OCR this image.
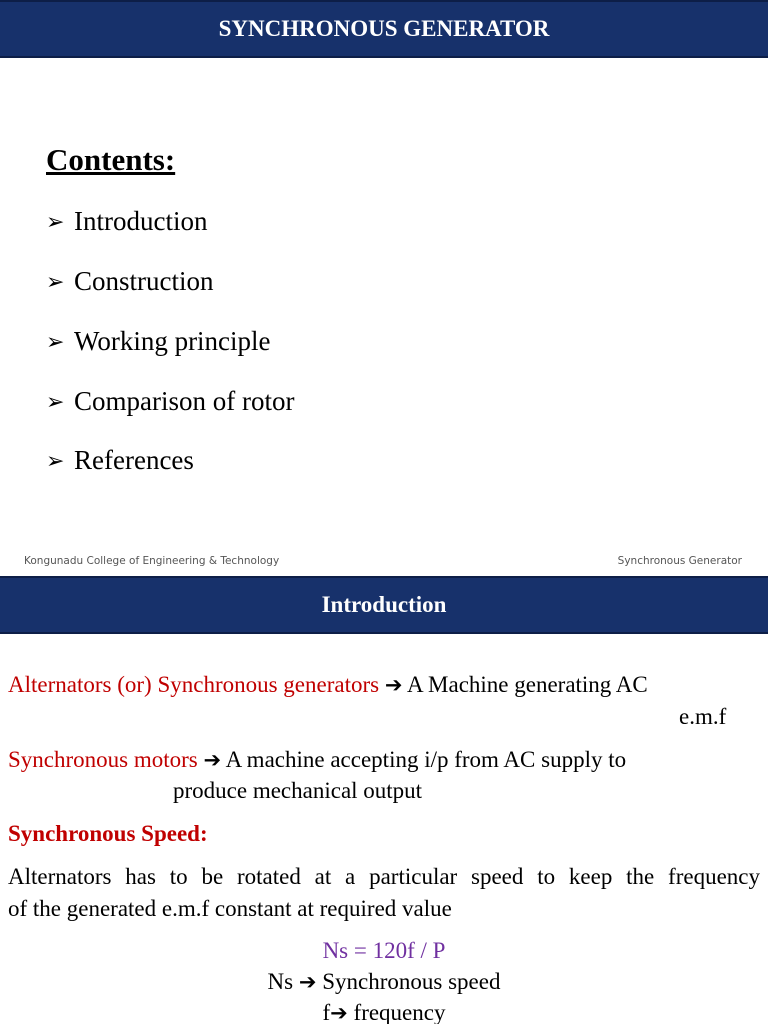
SYNCHRONOUS GENERATOR
Contents:
➢ Introduction
➢ Construction
➢ Working principle
➢ Comparison of rotor
➢ References
Kongunadu College of Engineering & Technology	Synchronous Generator
Introduction
Alternators (or) Synchronous generators ➔ A Machine generating AC
e.m.f
Synchronous motors ➔ A machine accepting i/p from AC supply to
produce mechanical output
Synchronous Speed:
Alternators has to be rotated at a particular speed to keep the frequency
of the generated e.m.f constant at required value
Ns = 120f / P
Ns ➔ Synchronous speed
f➔ frequency
